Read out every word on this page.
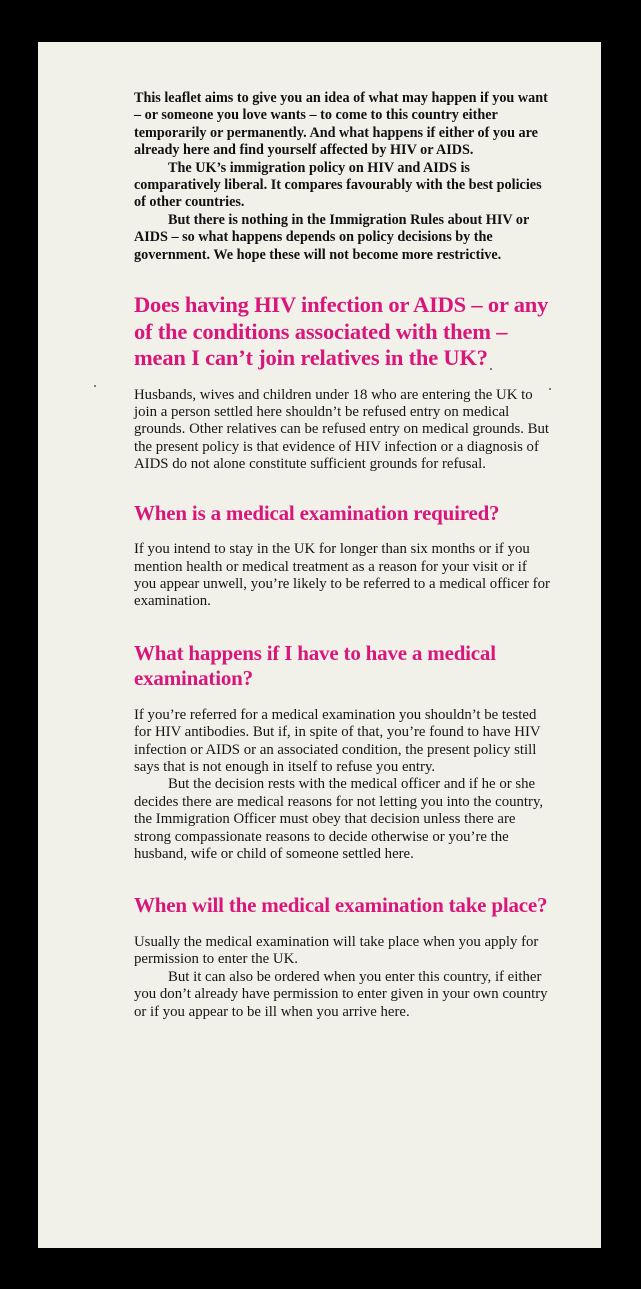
This leaflet aims to give you an idea of what may happen if you want – or someone you love wants – to come to this country either temporarily or permanently. And what happens if either of you are already here and find yourself affected by HIV or AIDS.

The UK’s immigration policy on HIV and AIDS is comparatively liberal. It compares favourably with the best policies of other countries.

But there is nothing in the Immigration Rules about HIV or AIDS – so what happens depends on policy decisions by the government. We hope these will not become more restrictive.

Does having HIV infection or AIDS – or any of the conditions associated with them – mean I can’t join relatives in the UK?

Husbands, wives and children under 18 who are entering the UK to join a person settled here shouldn’t be refused entry on medical grounds. Other relatives can be refused entry on medical grounds. But the present policy is that evidence of HIV infection or a diagnosis of AIDS do not alone constitute sufficient grounds for refusal.

When is a medical examination required?

If you intend to stay in the UK for longer than six months or if you mention health or medical treatment as a reason for your visit or if you appear unwell, you’re likely to be referred to a medical officer for examination.

What happens if I have to have a medical examination?

If you’re referred for a medical examination you shouldn’t be tested for HIV antibodies. But if, in spite of that, you’re found to have HIV infection or AIDS or an associated condition, the present policy still says that is not enough in itself to refuse you entry.

But the decision rests with the medical officer and if he or she decides there are medical reasons for not letting you into the country, the Immigration Officer must obey that decision unless there are strong compassionate reasons to decide otherwise or you’re the husband, wife or child of someone settled here.

When will the medical examination take place?

Usually the medical examination will take place when you apply for permission to enter the UK.

But it can also be ordered when you enter this country, if either you don’t already have permission to enter given in your own country or if you appear to be ill when you arrive here.
